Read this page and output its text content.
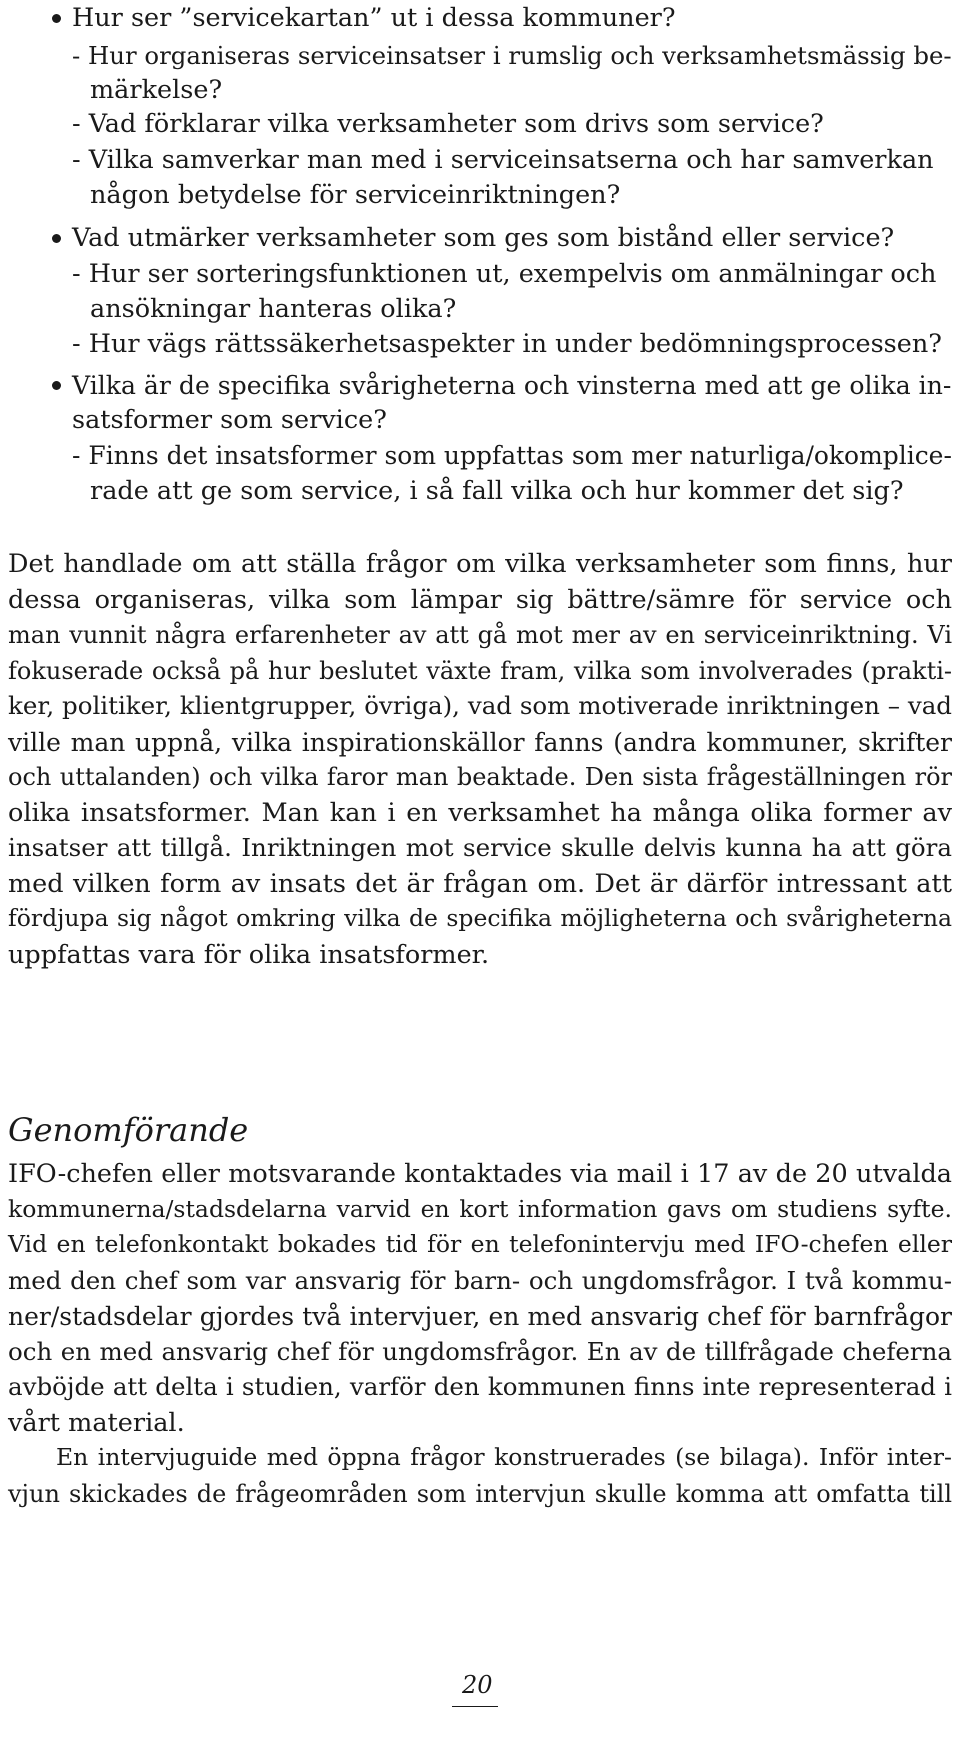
Hur ser ”servicekartan” ut i dessa kommuner?
- Hur organiseras serviceinsatser i rumslig och verksamhetsmässig be-
märkelse?
- Vad förklarar vilka verksamheter som drivs som service?
- Vilka samverkar man med i serviceinsatserna och har samverkan
någon betydelse för serviceinriktningen?
Vad utmärker verksamheter som ges som bistånd eller service?
- Hur ser sorteringsfunktionen ut, exempelvis om anmälningar och
ansökningar hanteras olika?
- Hur vägs rättssäkerhetsaspekter in under bedömningsprocessen?
Vilka är de specifika svårigheterna och vinsterna med att ge olika in-
satsformer som service?
- Finns det insatsformer som uppfattas som mer naturliga/okomplice-
rade att ge som service, i så fall vilka och hur kommer det sig?
Det handlade om att ställa frågor om vilka verksamheter som finns, hur
dessa organiseras, vilka som lämpar sig bättre/sämre för service och
man vunnit några erfarenheter av att gå mot mer av en serviceinriktning. Vi
fokuserade också på hur beslutet växte fram, vilka som involverades (prakti-
ker, politiker, klientgrupper, övriga), vad som motiverade inriktningen – vad
ville man uppnå, vilka inspirationskällor fanns (andra kommuner, skrifter
och uttalanden) och vilka faror man beaktade. Den sista frågeställningen rör
olika insatsformer. Man kan i en verksamhet ha många olika former av
insatser att tillgå. Inriktningen mot service skulle delvis kunna ha att göra
med vilken form av insats det är frågan om. Det är därför intressant att
fördjupa sig något omkring vilka de specifika möjligheterna och svårigheterna
uppfattas vara för olika insatsformer.
Genomförande
IFO-chefen eller motsvarande kontaktades via mail i 17 av de 20 utvalda
kommunerna/stadsdelarna varvid en kort information gavs om studiens syfte.
Vid en telefonkontakt bokades tid för en telefonintervju med IFO-chefen eller
med den chef som var ansvarig för barn- och ungdomsfrågor. I två kommu-
ner/stadsdelar gjordes två intervjuer, en med ansvarig chef för barnfrågor
och en med ansvarig chef för ungdomsfrågor. En av de tillfrågade cheferna
avböjde att delta i studien, varför den kommunen finns inte representerad i
vårt material.
En intervjuguide med öppna frågor konstruerades (se bilaga). Inför inter-
vjun skickades de frågeområden som intervjun skulle komma att omfatta till
20
